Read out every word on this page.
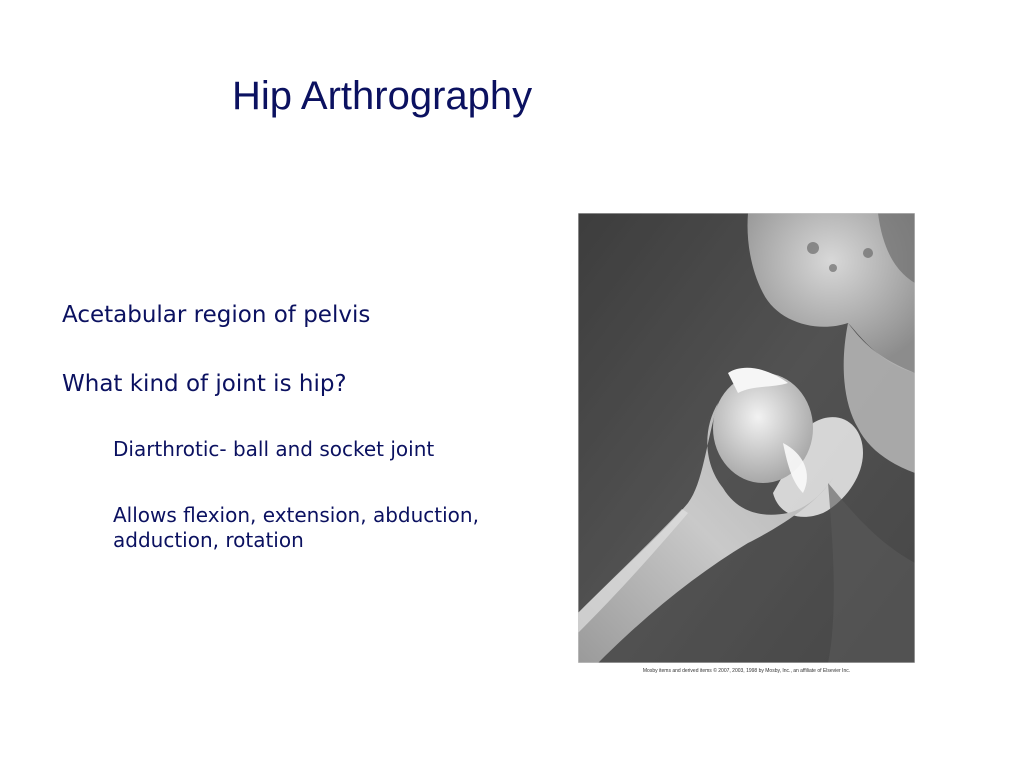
Hip Arthrography

Acetabular region of pelvis

What kind of joint is hip?

Diarthrotic- ball and socket joint

Allows flexion, extension, abduction, adduction, rotation

Mosby items and derived items © 2007, 2003, 1998 by Mosby, Inc., an affiliate of Elsevier Inc.
